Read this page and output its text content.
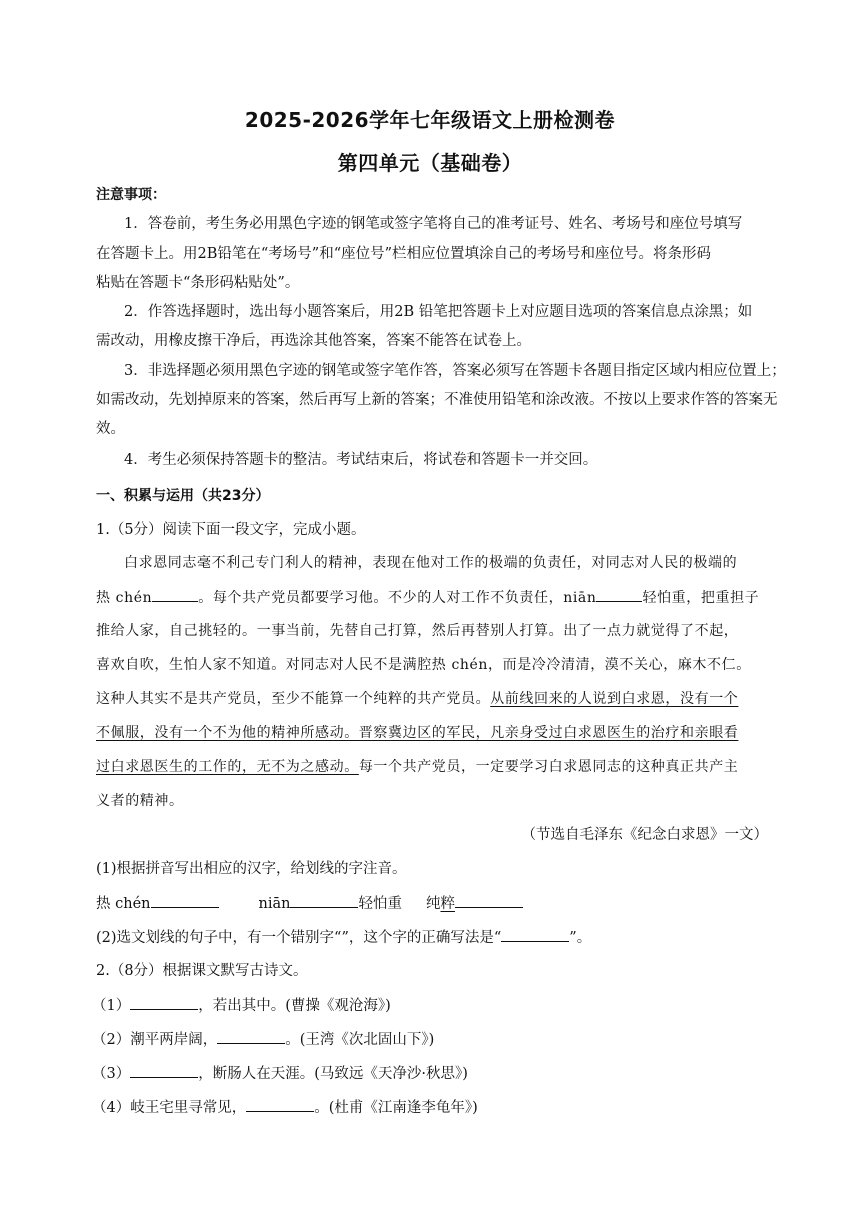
2025-2026学年七年级语文上册检测卷
第四单元（基础卷）
注意事项：
1．答卷前，考生务必用黑色字迹的钢笔或签字笔将自己的准考证号、姓名、考场号和座位号填写
在答题卡上。用2B铅笔在“考场号”和“座位号”栏相应位置填涂自己的考场号和座位号。将条形码
粘贴在答题卡“条形码粘贴处”。
2．作答选择题时，选出每小题答案后，用2B 铅笔把答题卡上对应题目选项的答案信息点涂黑；如
需改动，用橡皮擦干净后，再选涂其他答案，答案不能答在试卷上。
3．非选择题必须用黑色字迹的钢笔或签字笔作答，答案必须写在答题卡各题目指定区域内相应位置上；
如需改动，先划掉原来的答案，然后再写上新的答案；不准使用铅笔和涂改液。不按以上要求作答的答案无
效。
4．考生必须保持答题卡的整洁。考试结束后，将试卷和答题卡一并交回。
一、积累与运用（共23分）
1.（5分）阅读下面一段文字，完成小题。
白求恩同志毫不利己专门利人的精神，表现在他对工作的极端的负责任，对同志对人民的极端的
热 chén	。每个共产党员都要学习他。不少的人对工作不负责任，niān	轻怕重，把重担子
推给人家，自己挑轻的。一事当前，先替自己打算，然后再替别人打算。出了一点力就觉得了不起，
喜欢自吹，生怕人家不知道。对同志对人民不是满腔热 chén，而是冷冷清清，漠不关心，麻木不仁。
这种人其实不是共产党员，至少不能算一个纯粹的共产党员。从前线回来的人说到白求恩，没有一个
不佩服，没有一个不为他的精神所感动。晋察冀边区的军民，凡亲身受过白求恩医生的治疗和亲眼看
过白求恩医生的工作的，无不为之感动。每一个共产党员，一定要学习白求恩同志的这种真正共产主
义者的精神。
（节选自毛泽东《纪念白求恩》一文）
(1)根据拼音写出相应的汉字，给划线的字注音。
热 chén	niān	轻怕重 纯粹
(2)选文划线的句子中，有一个错别字“”，这个字的正确写法是“	”。
2.（8分）根据课文默写古诗文。
（1）	，若出其中。(曹操《观沧海》)
（2）潮平两岸阔，	。(王湾《次北固山下》)
（3）	，断肠人在天涯。(马致远《天净沙·秋思》)
（4）岐王宅里寻常见，	。(杜甫《江南逢李龟年》)
